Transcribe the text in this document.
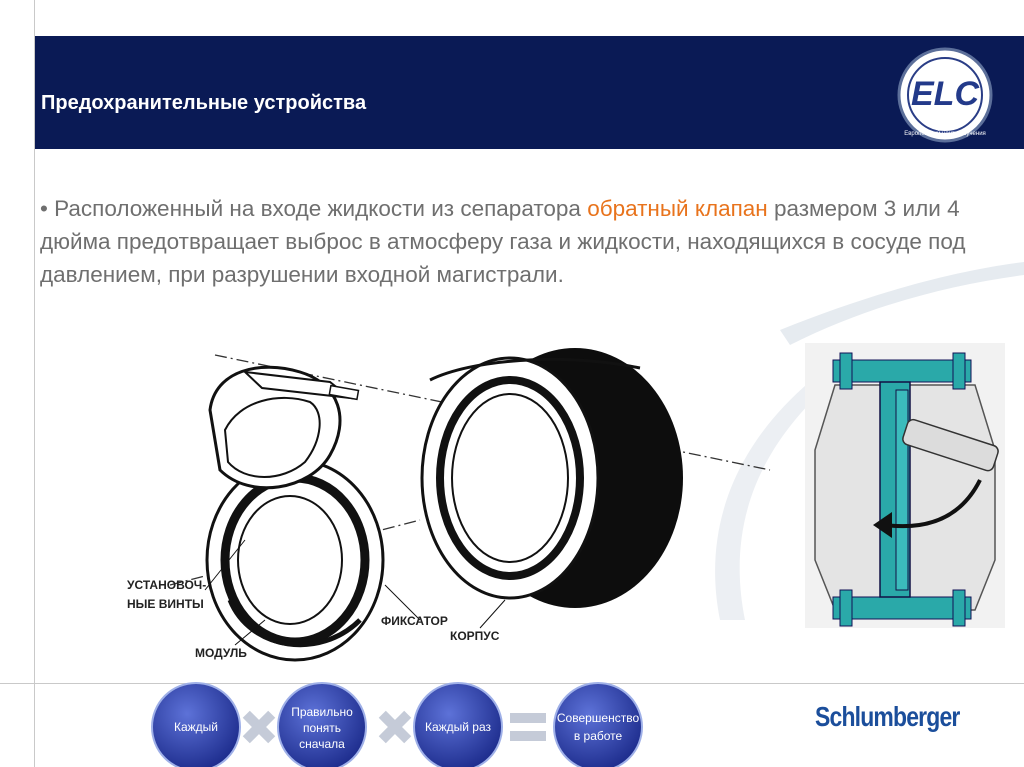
Предохранительные устройства	ELC
Европейский центр обучения
• Расположенный на входе жидкости из сепаратора обратный клапан размером 3 или 4 дюйма предотвращает выброс в атмосферу газа и жидкости, находящихся в сосуде под давлением, при разрушении входной магистрали.
УСТАНОВОЧ-
НЫЕ ВИНТЫ
МОДУЛЬ
ФИКСАТОР
КОРПУС
Каждый
Правильно
понять
сначала
Каждый раз
Совершенство
в работе
Schlumberger
